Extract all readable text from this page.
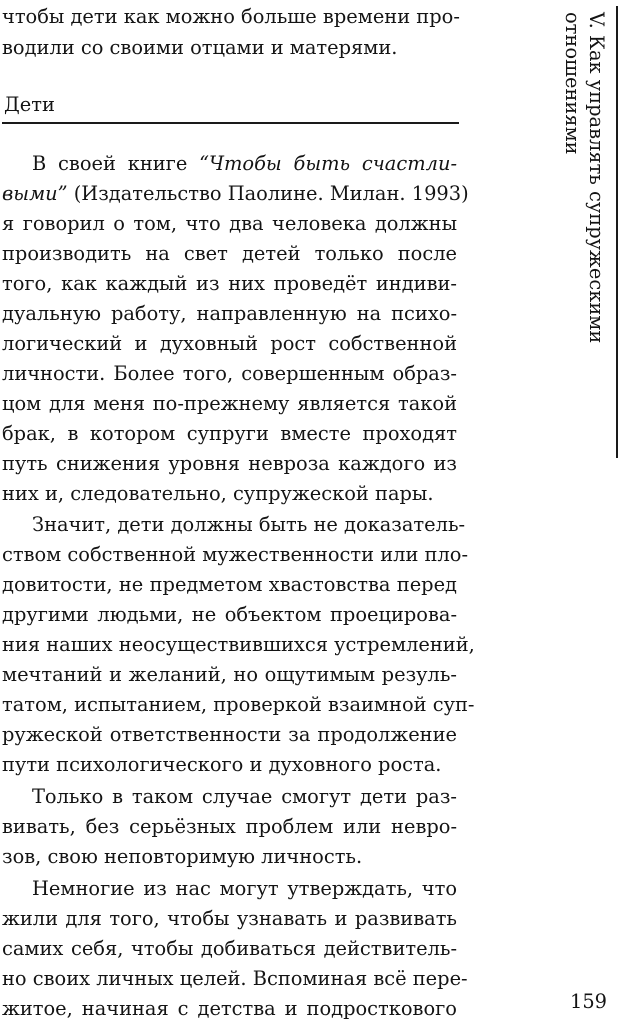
чтобы дети как можно больше времени про-
водили со своими отцами и матерями.
Дети
В своей книге “Чтобы быть счастли-
выми” (Издательство Паолине. Милан. 1993)
я говорил о том, что два человека должны
производить на свет детей только после
того, как каждый из них проведёт индиви-
дуальную работу, направленную на психо-
логический и духовный рост собственной
личности. Более того, совершенным образ-
цом для меня по-прежнему является такой
брак, в котором супруги вместе проходят
путь снижения уровня невроза каждого из
них и, следовательно, супружеской пары.
Значит, дети должны быть не доказатель-
ством собственной мужественности или пло-
довитости, не предметом хвастовства перед
другими людьми, не объектом проецирова-
ния наших неосуществившихся устремлений,
мечтаний и желаний, но ощутимым резуль-
татом, испытанием, проверкой взаимной суп-
ружеской ответственности за продолжение
пути психологического и духовного роста.
Только в таком случае смогут дети раз-
вивать, без серьёзных проблем или невро-
зов, свою неповторимую личность.
Немногие из нас могут утверждать, что
жили для того, чтобы узнавать и развивать
самих себя, чтобы добиваться действитель-
но своих личных целей. Вспоминая всё пере-
житое, начиная с детства и подросткового
V. Как управлять супружескими
отношениями
159
